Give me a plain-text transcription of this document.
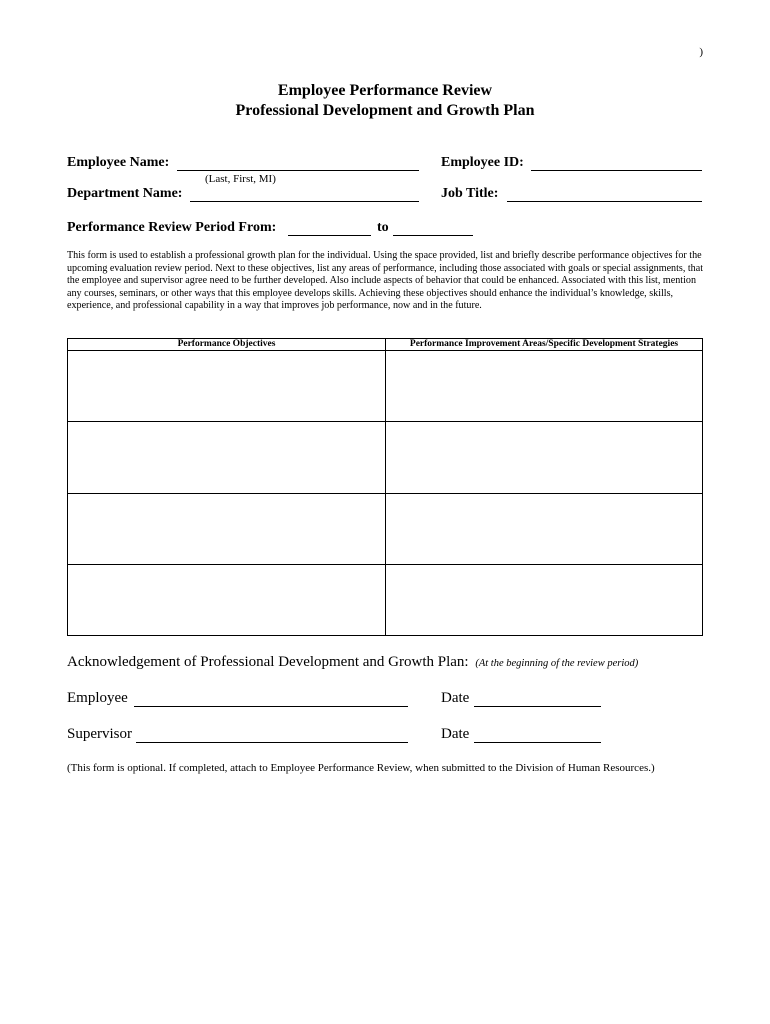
)
Employee Performance Review
Professional Development and Growth Plan
Employee Name:
(Last, First, MI)
Employee ID:
Department Name:	Job Title:
Performance Review Period From:	to
This form is used to establish a professional growth plan for the individual. Using the space provided, list and briefly describe performance objectives for the upcoming evaluation review period. Next to these objectives, list any areas of performance, including those associated with goals or special assignments, that the employee and supervisor agree need to be further developed. Also include aspects of behavior that could be enhanced. Associated with this list, mention any courses, seminars, or other ways that this employee develops skills. Achieving these objectives should enhance the individual’s knowledge, skills, experience, and professional capability in a way that improves job performance, now and in the future.
Performance Objectives	Performance Improvement Areas/Specific Development Strategies

Acknowledgement of Professional Development and Growth Plan: (At the beginning of the review period)
Employee	Date
Supervisor	Date
(This form is optional. If completed, attach to Employee Performance Review, when submitted to the Division of Human Resources.)
